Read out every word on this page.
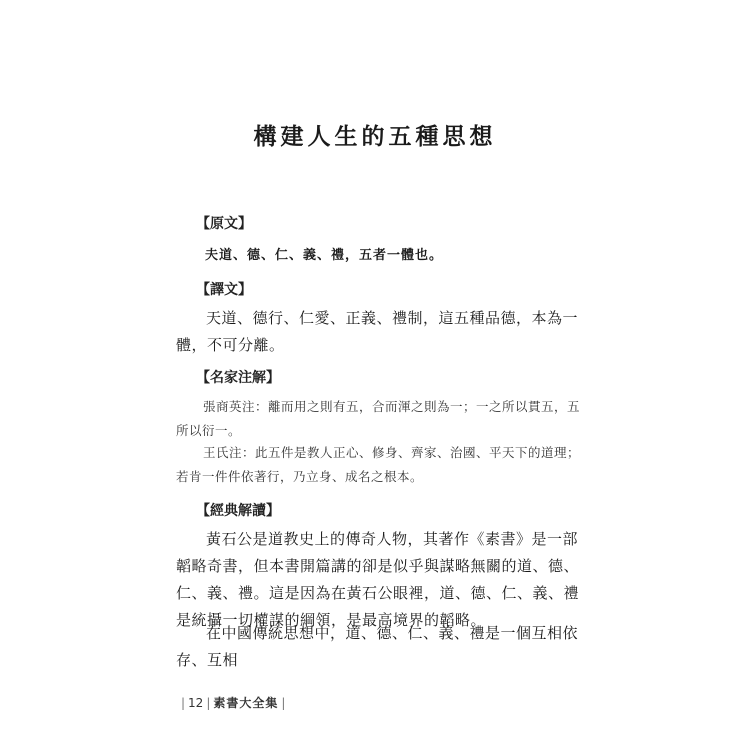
構建人生的五種思想
【原文】
夫道、德、仁、義、禮，五者一體也。
【譯文】
天道、德行、仁愛、正義、禮制，這五種品德，本為一體，不可分離。
【名家注解】
張商英注：離而用之則有五，合而渾之則為一；一之所以貫五，五所以衍一。
王氏注：此五件是教人正心、修身、齊家、治國、平天下的道理；若肯一件件依著行，乃立身、成名之根本。
【經典解讀】
黃石公是道教史上的傳奇人物，其著作《素書》是一部韜略奇書，但本書開篇講的卻是似乎與謀略無關的道、德、仁、義、禮。這是因為在黃石公眼裡，道、德、仁、義、禮是統攝一切權謀的綱領，是最高境界的韜略。
在中國傳統思想中，道、德、仁、義、禮是一個互相依存、互相
| 12 | 素書大全集 |
